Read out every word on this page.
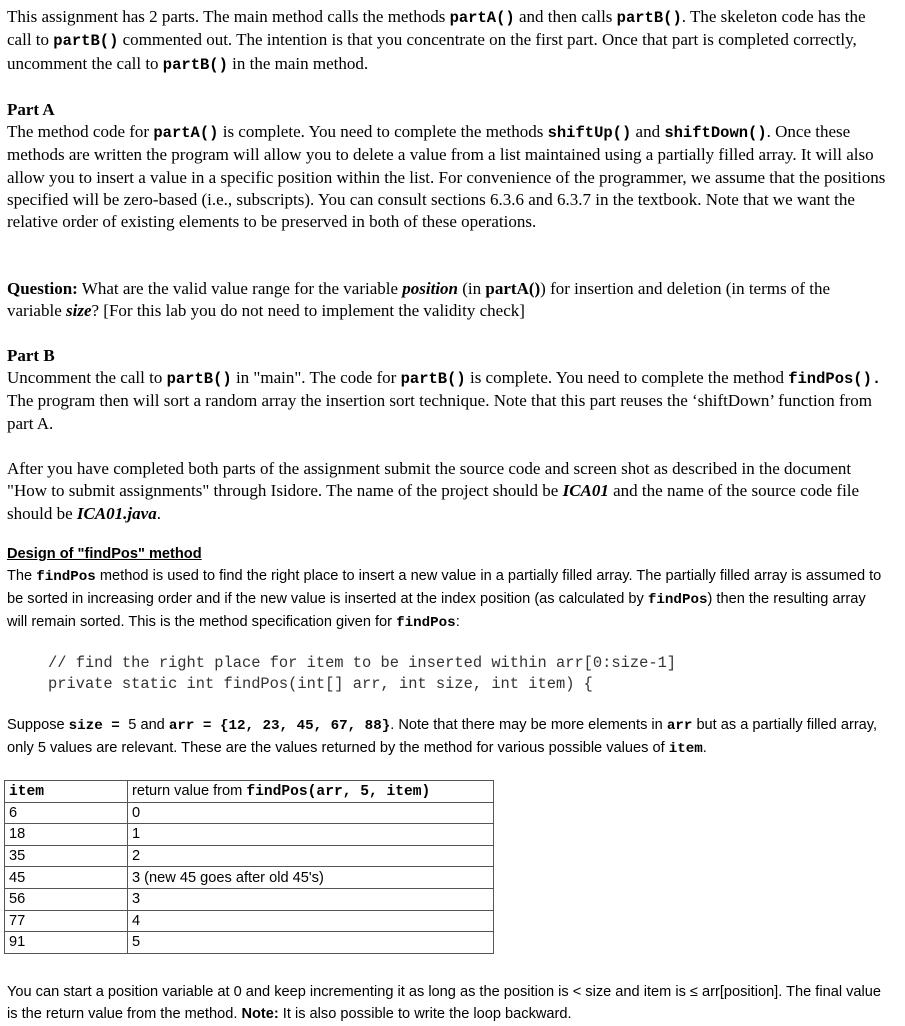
This assignment has 2 parts. The main method calls the methods partA() and then calls partB(). The skeleton code has the call to partB() commented out. The intention is that you concentrate on the first part. Once that part is completed correctly, uncomment the call to partB() in the main method.

Part A

The method code for partA() is complete. You need to complete the methods shiftUp() and shiftDown(). Once these methods are written the program will allow you to delete a value from a list maintained using a partially filled array. It will also allow you to insert a value in a specific position within the list. For convenience of the programmer, we assume that the positions specified will be zero-based (i.e., subscripts). You can consult sections 6.3.6 and 6.3.7 in the textbook. Note that we want the relative order of existing elements to be preserved in both of these operations.

Question: What are the valid value range for the variable position (in partA()) for insertion and deletion (in terms of the variable size? [For this lab you do not need to implement the validity check]

Part B

Uncomment the call to partB() in "main". The code for partB() is complete. You need to complete the method findPos(). The program then will sort a random array the insertion sort technique. Note that this part reuses the ‘shiftDown’ function from part A.

After you have completed both parts of the assignment submit the source code and screen shot as described in the document "How to submit assignments" through Isidore. The name of the project should be ICA01 and the name of the source code file should be ICA01.java.

Design of "findPos" method

The findPos method is used to find the right place to insert a new value in a partially filled array. The partially filled array is assumed to be sorted in increasing order and if the new value is inserted at the index position (as calculated by findPos) then the resulting array will remain sorted. This is the method specification given for findPos:

// find the right place for item to be inserted within arr[0:size-1]
private static int findPos(int[] arr, int size, int item) {

Suppose size = 5 and arr = {12, 23, 45, 67, 88}. Note that there may be more elements in arr but as a partially filled array, only 5 values are relevant. These are the values returned by the method for various possible values of item.

item	return value from findPos(arr, 5, item)
6	0
18	1
35	2
45	3 (new 45 goes after old 45's)
56	3
77	4
91	5

You can start a position variable at 0 and keep incrementing it as long as the position is < size and item is ≤ arr[position]. The final value is the return value from the method. Note: It is also possible to write the loop backward.
